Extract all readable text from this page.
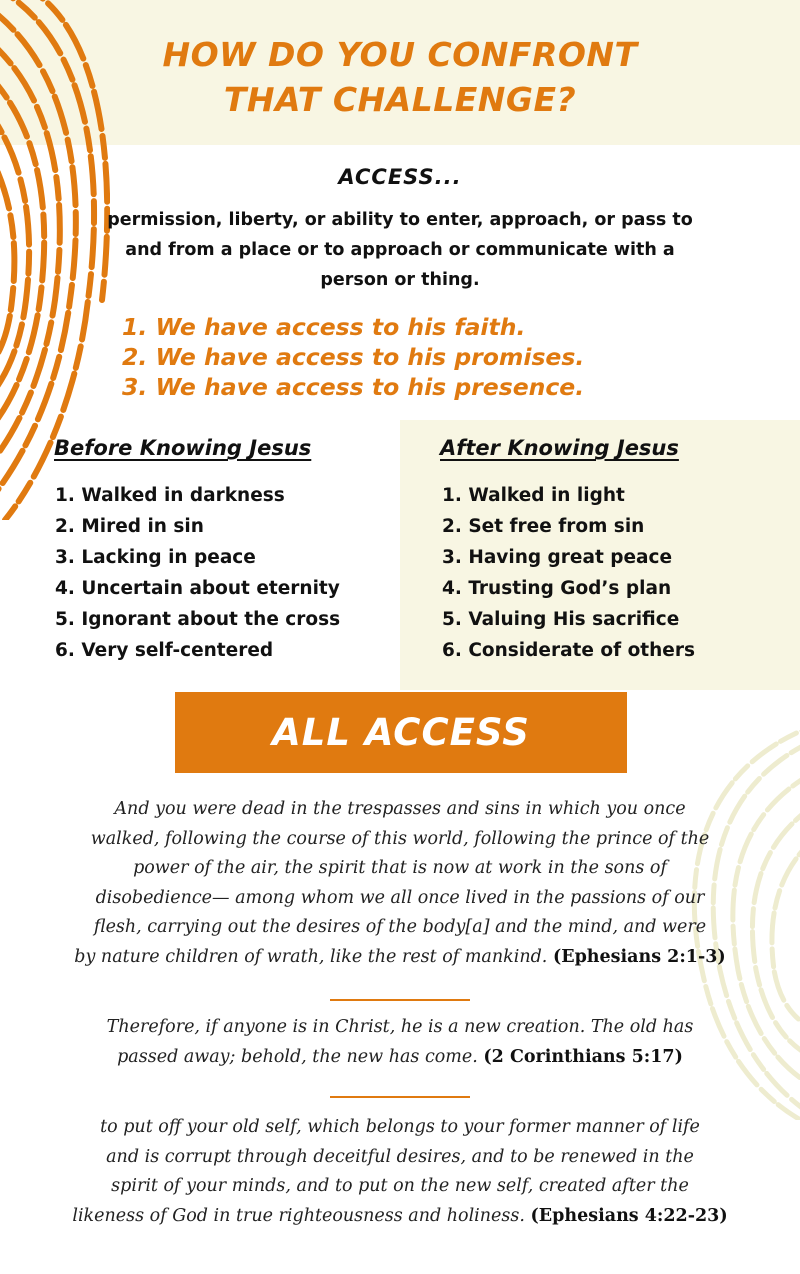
HOW DO YOU CONFRONT
THAT CHALLENGE?
ACCESS...

permission, liberty, or ability to enter, approach, or pass to and from a place or to approach or communicate with a person or thing.

1. We have access to his faith.
2. We have access to his promises.
3. We have access to his presence.
Before Knowing Jesus	After Knowing Jesus
1. Walked in darkness
2. Mired in sin
3. Lacking in peace
4. Uncertain about eternity
5. Ignorant about the cross
6. Very self-centered
1. Walked in light
2. Set free from sin
3. Having great peace
4. Trusting God’s plan
5. Valuing His sacrifice
6. Considerate of others
ALL ACCESS
And you were dead in the trespasses and sins in which you once
walked, following the course of this world, following the prince of the
power of the air, the spirit that is now at work in the sons of
disobedience— among whom we all once lived in the passions of our
flesh, carrying out the desires of the body[a] and the mind, and were
by nature children of wrath, like the rest of mankind. (Ephesians 2:1-3)
Therefore, if anyone is in Christ, he is a new creation. The old has
passed away; behold, the new has come. (2 Corinthians 5:17)
to put off your old self, which belongs to your former manner of life
and is corrupt through deceitful desires, and to be renewed in the
spirit of your minds, and to put on the new self, created after the
likeness of God in true righteousness and holiness. (Ephesians 4:22-23)
